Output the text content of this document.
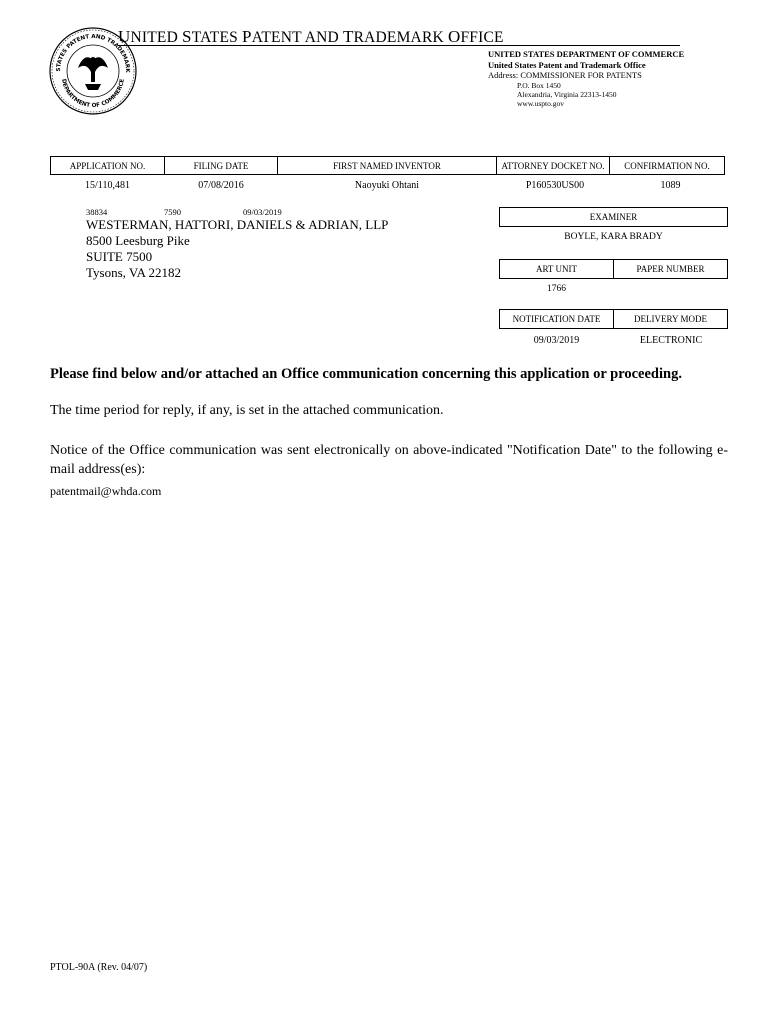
STATES PATENT AND TRADEMARK
DEPARTMENT OF COMMERCE
UNITED STATES PATENT AND TRADEMARK OFFICE
UNITED STATES DEPARTMENT OF COMMERCE
United States Patent and Trademark Office
Address: COMMISSIONER FOR PATENTS
P.O. Box 1450
Alexandria, Virginia 22313-1450
www.uspto.gov
APPLICATION NO.	FILING DATE	FIRST NAMED INVENTOR	ATTORNEY DOCKET NO.	CONFIRMATION NO.
15/110,481	07/08/2016	Naoyuki Ohtani	P160530US00	1089
38834	7590	09/03/2019
WESTERMAN, HATTORI, DANIELS & ADRIAN, LLP
8500 Leesburg Pike
SUITE 7500
Tysons, VA 22182
EXAMINER
BOYLE, KARA BRADY
ART UNIT	PAPER NUMBER
1766
NOTIFICATION DATE	DELIVERY MODE
09/03/2019	ELECTRONIC
Please find below and/or attached an Office communication concerning this application or proceeding.
The time period for reply, if any, is set in the attached communication.
Notice of the Office communication was sent electronically on above-indicated "Notification Date" to the following e-mail address(es):
patentmail@whda.com
PTOL-90A (Rev. 04/07)
